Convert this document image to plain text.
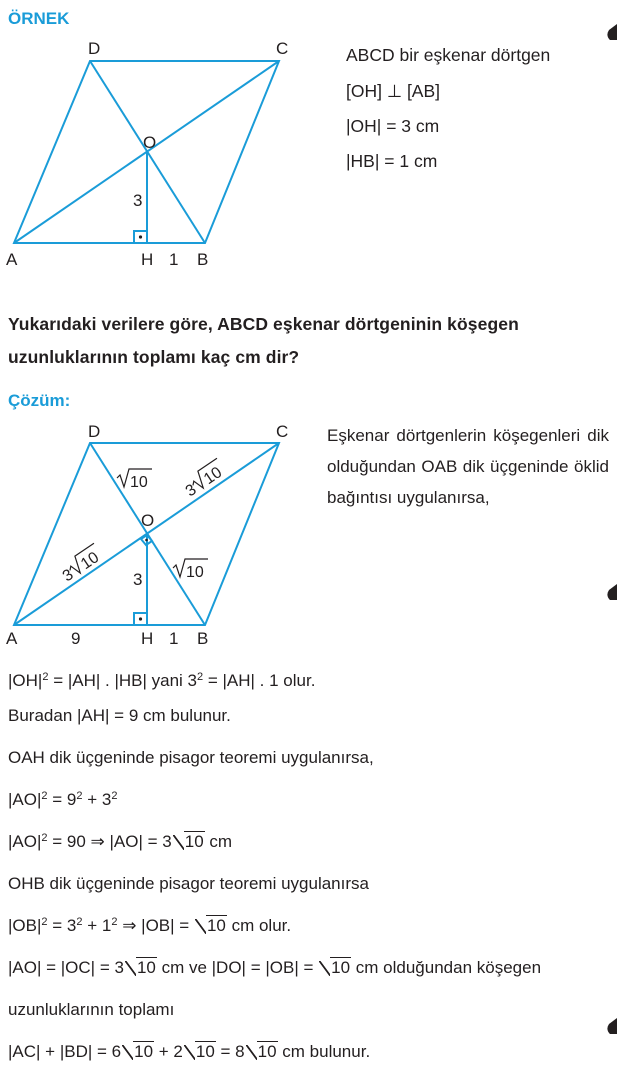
ÖRNEK
A	B
C
D
O
H 1
3
ABCD bir eşkenar dörtgen
[OH] ⊥ [AB]
|OH| = 3 cm
|HB| = 1 cm
Yukarıdaki verilere göre, ABCD eşkenar dörtgeninin köşegen
uzunluklarının toplamı kaç cm dir?
Çözüm:
A	B
C
D
O
H 1
9
3
10 3
10
3
10	10
Eşkenar dörtgenlerin köşegenleri dik olduğundan OAB dik üçgeninde öklid bağıntısı uygulanırsa,
$|OH|^2 = |AH|$ . |HB| yani $3^2 = |AH|$ . 1 olur.
Buradan |AH| = 9 cm bulunur.
OAH dik üçgeninde pisagor teoremi uygulanırsa,
$|AO|^2 = 9^2 + 3^2$
$|AO|^2 = 90$ ⇒ |AO| = 3 10 cm
OHB dik üçgeninde pisagor teoremi uygulanırsa
$|OB|^2 = 3^2 + 1^2$ ⇒ |OB| = 10 cm olur.
|AO| = |OC| = 3 10 cm ve |DO| = |OB| = 10 cm olduğundan köşegen
uzunluklarının toplamı
|AC| + |BD| = 6 10 + 2 10 = 8 10 cm bulunur.
